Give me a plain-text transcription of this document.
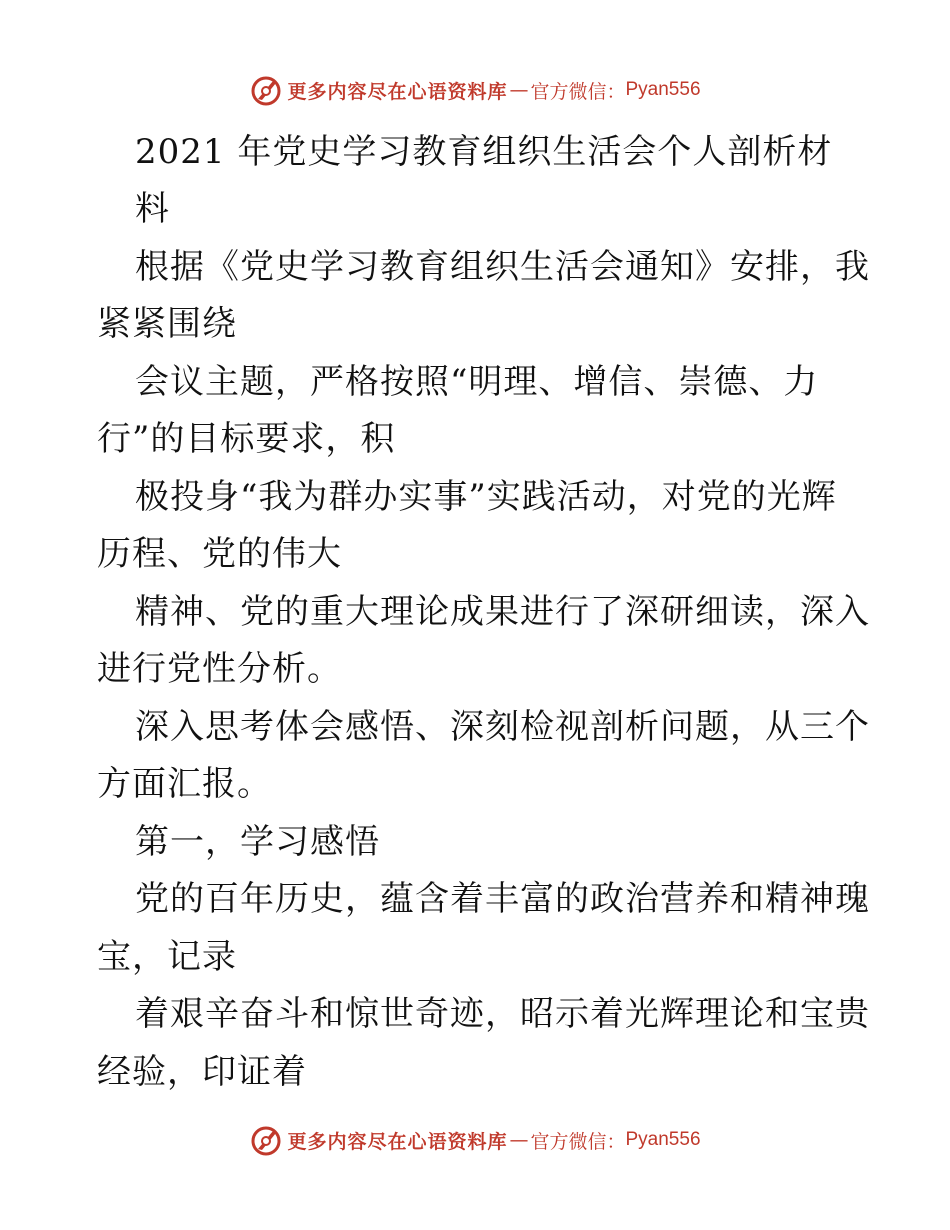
更多内容尽在心语资料库 — 官方微信： Pyan556
2021 年党史学习教育组织生活会个人剖析材
料
根据《党史学习教育组织生活会通知》安排，我
紧紧围绕
会议主题，严格按照“明理、增信、崇德、力
行”的目标要求，积
极投身“我为群办实事”实践活动，对党的光辉
历程、党的伟大
精神、党的重大理论成果进行了深研细读，深入
进行党性分析。
深入思考体会感悟、深刻检视剖析问题，从三个
方面汇报。
第一，学习感悟
党的百年历史，蕴含着丰富的政治营养和精神瑰
宝，记录
着艰辛奋斗和惊世奇迹，昭示着光辉理论和宝贵
经验，印证着
更多内容尽在心语资料库 — 官方微信： Pyan556
